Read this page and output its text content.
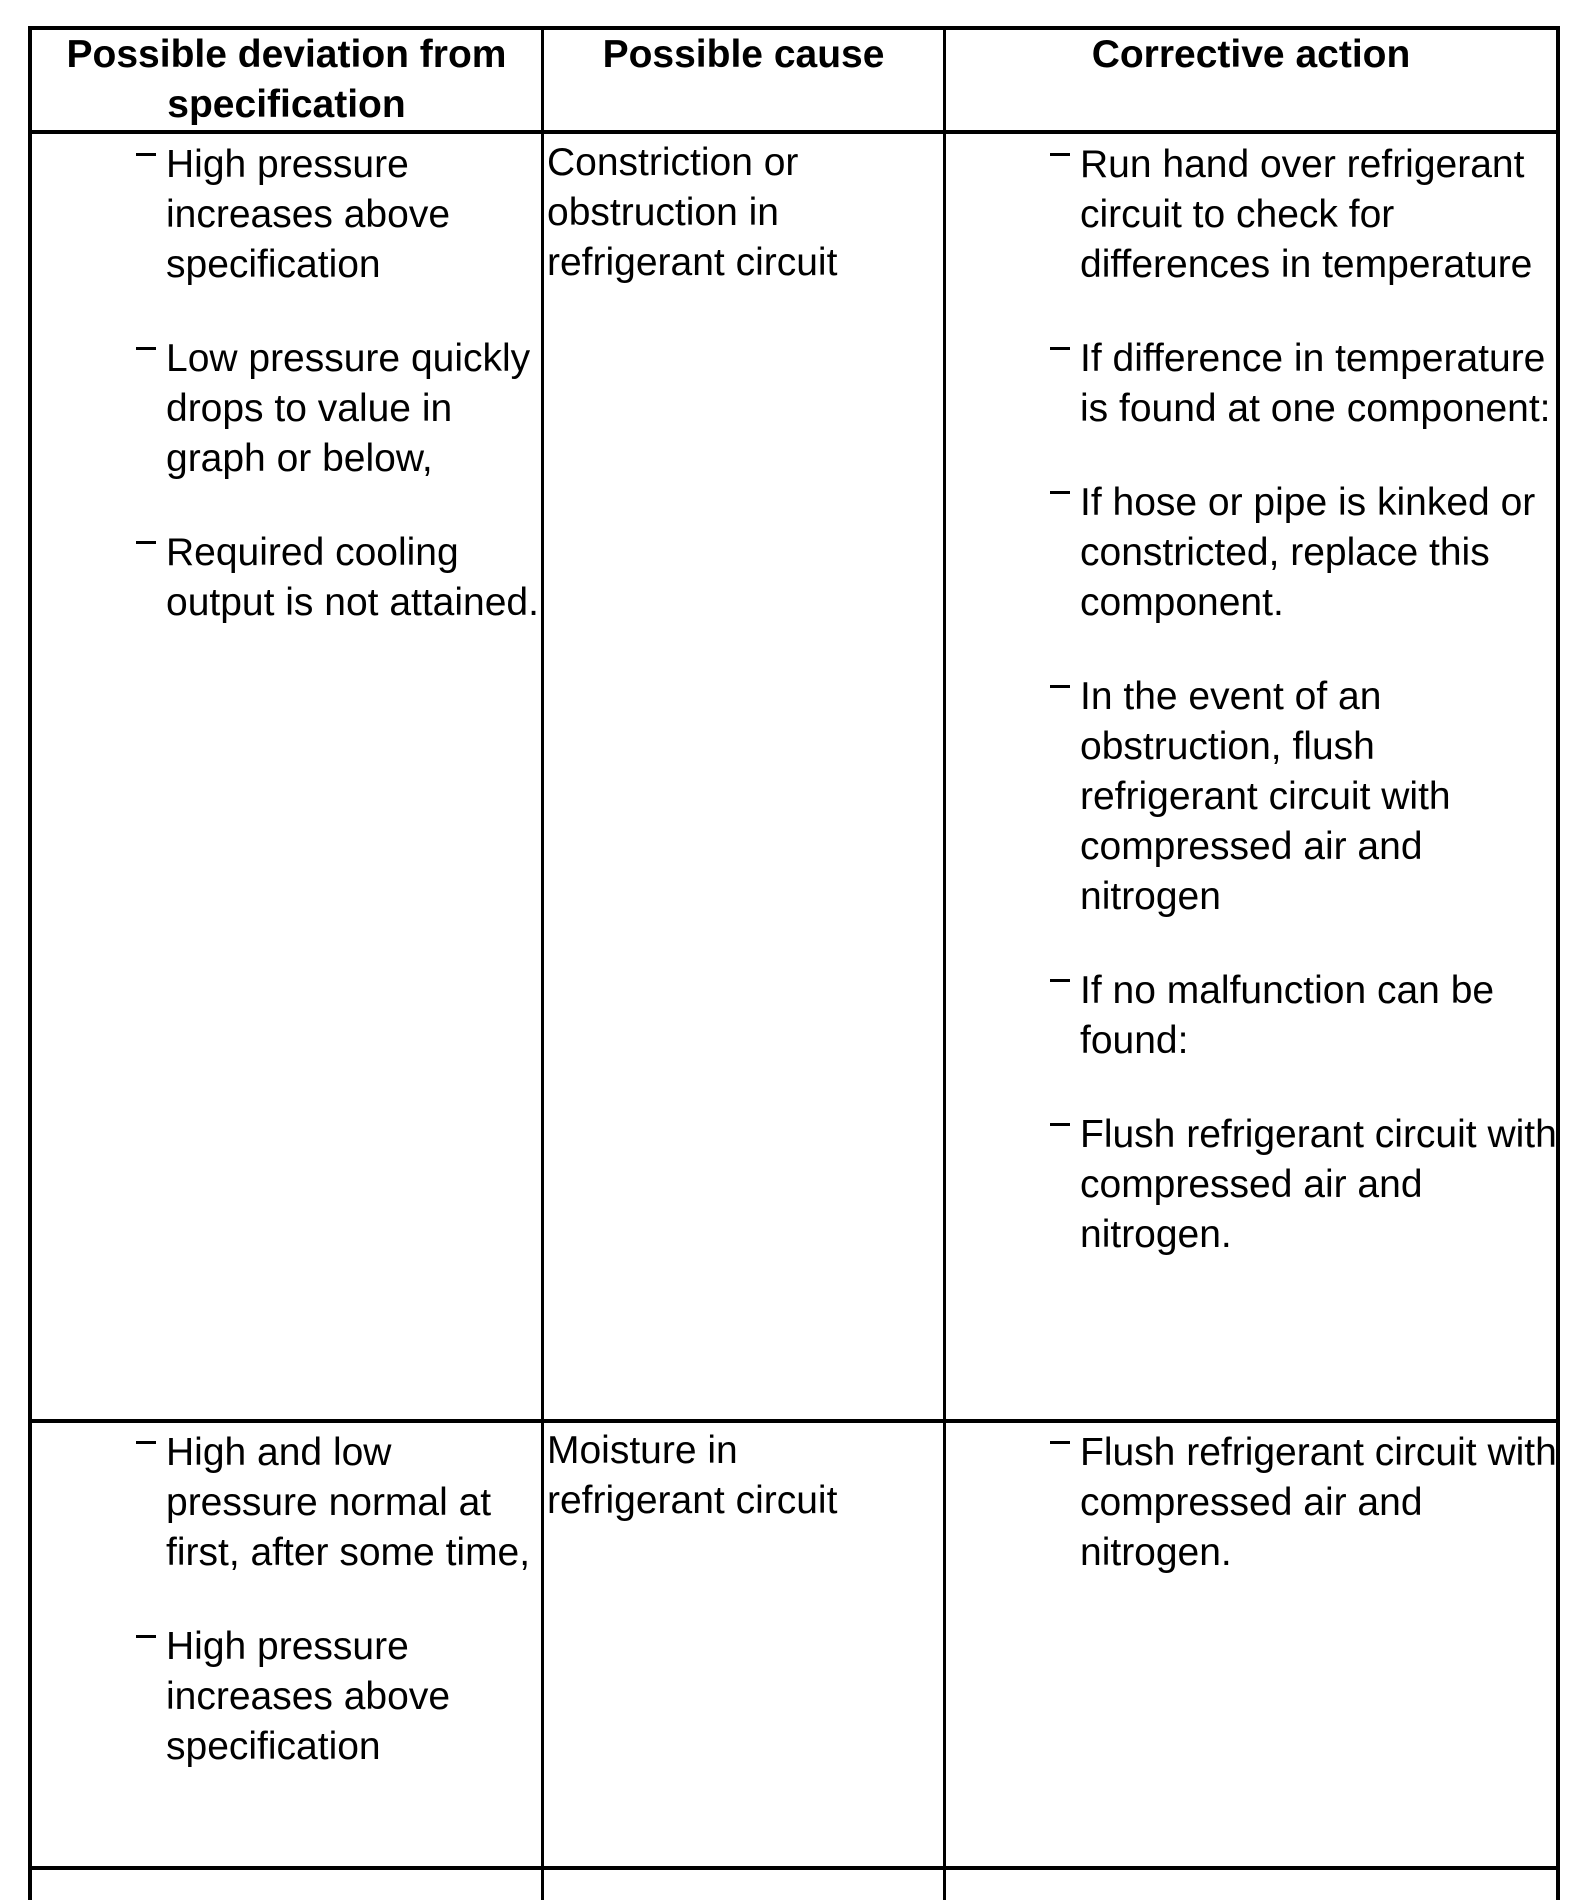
Possible deviation from specification
Possible cause	Corrective action
High pressure increases above specification
Low pressure quickly drops to value in graph or below,
Required cooling output is not attained.
Constriction or obstruction in refrigerant circuit
Run hand over refrigerant circuit to check for differences in temperature
If difference in temperature is found at one component:
If hose or pipe is kinked or constricted, replace this component.
In the event of an obstruction, flush refrigerant circuit with compressed air and nitrogen
If no malfunction can be found:
Flush refrigerant circuit with compressed air and nitrogen.
High and low pressure normal at first, after some time,
High pressure increases above specification
Moisture in refrigerant circuit
Flush refrigerant circuit with compressed air and nitrogen.
